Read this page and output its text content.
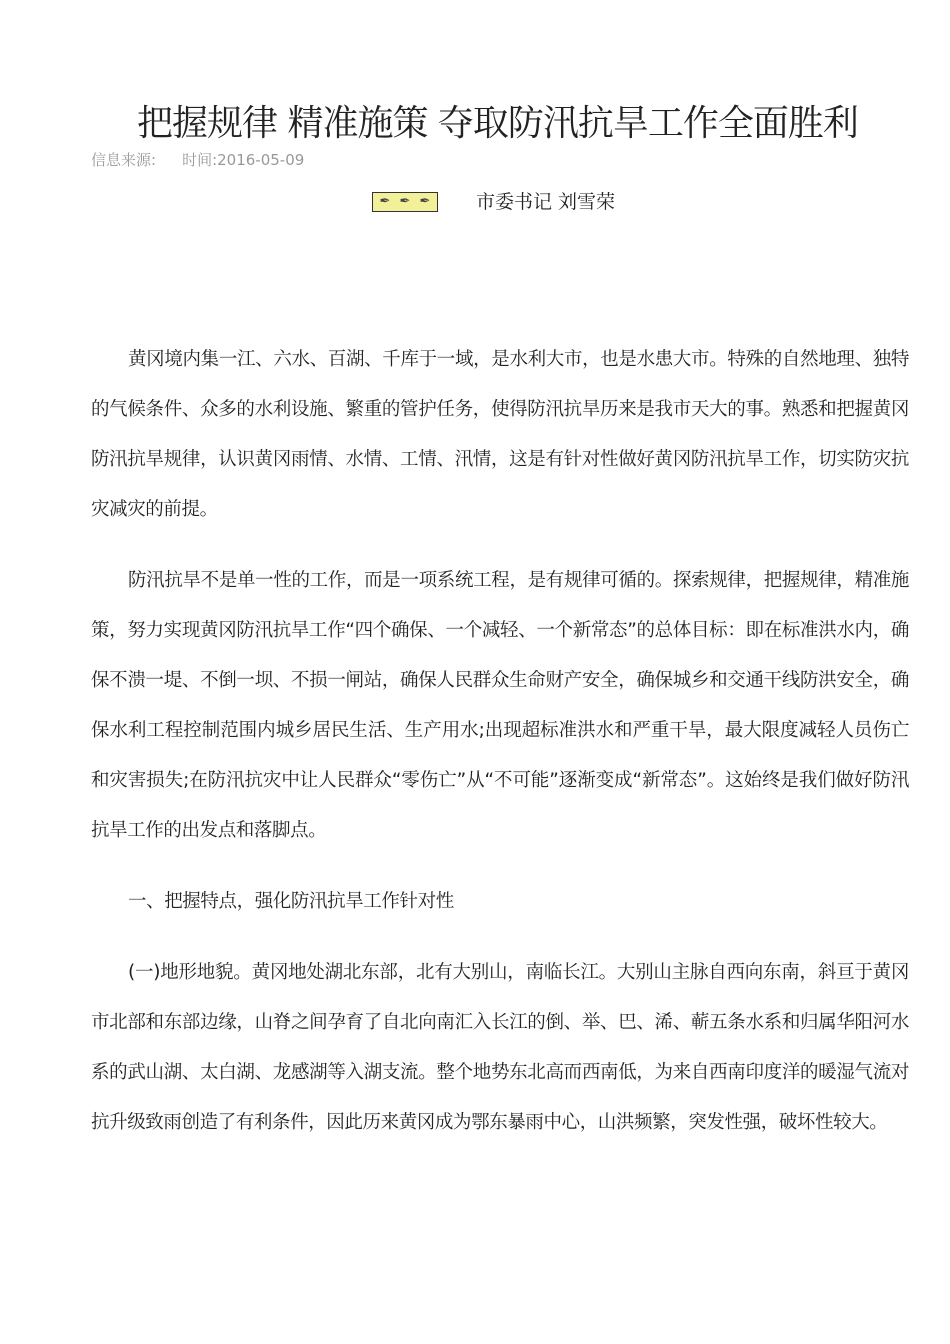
把握规律 精准施策 夺取防汛抗旱工作全面胜利
信息来源: 时间:2016-05-09
✒ ✒ ✒ 市委书记 刘雪荣

黄冈境内集一江、六水、百湖、千库于一域，是水利大市，也是水患大市。特殊的自然地理、独特的气候条件、众多的水利设施、繁重的管护任务，使得防汛抗旱历来是我市天大的事。熟悉和把握黄冈防汛抗旱规律，认识黄冈雨情、水情、工情、汛情，这是有针对性做好黄冈防汛抗旱工作，切实防灾抗灾减灾的前提。

防汛抗旱不是单一性的工作，而是一项系统工程，是有规律可循的。探索规律，把握规律，精准施策，努力实现黄冈防汛抗旱工作“四个确保、一个减轻、一个新常态”的总体目标：即在标准洪水内，确保不溃一堤、不倒一坝、不损一闸站，确保人民群众生命财产安全，确保城乡和交通干线防洪安全，确保水利工程控制范围内城乡居民生活、生产用水;出现超标准洪水和严重干旱，最大限度减轻人员伤亡和灾害损失;在防汛抗灾中让人民群众“零伤亡”从“不可能”逐渐变成“新常态”。这始终是我们做好防汛抗旱工作的出发点和落脚点。

一、把握特点，强化防汛抗旱工作针对性

(一)地形地貌。黄冈地处湖北东部，北有大别山，南临长江。大别山主脉自西向东南，斜亘于黄冈市北部和东部边缘，山脊之间孕育了自北向南汇入长江的倒、举、巴、浠、蕲五条水系和归属华阳河水系的武山湖、太白湖、龙感湖等入湖支流。整个地势东北高而西南低，为来自西南印度洋的暖湿气流对抗升级致雨创造了有利条件，因此历来黄冈成为鄂东暴雨中心，山洪频繁，突发性强，破坏性较大。
